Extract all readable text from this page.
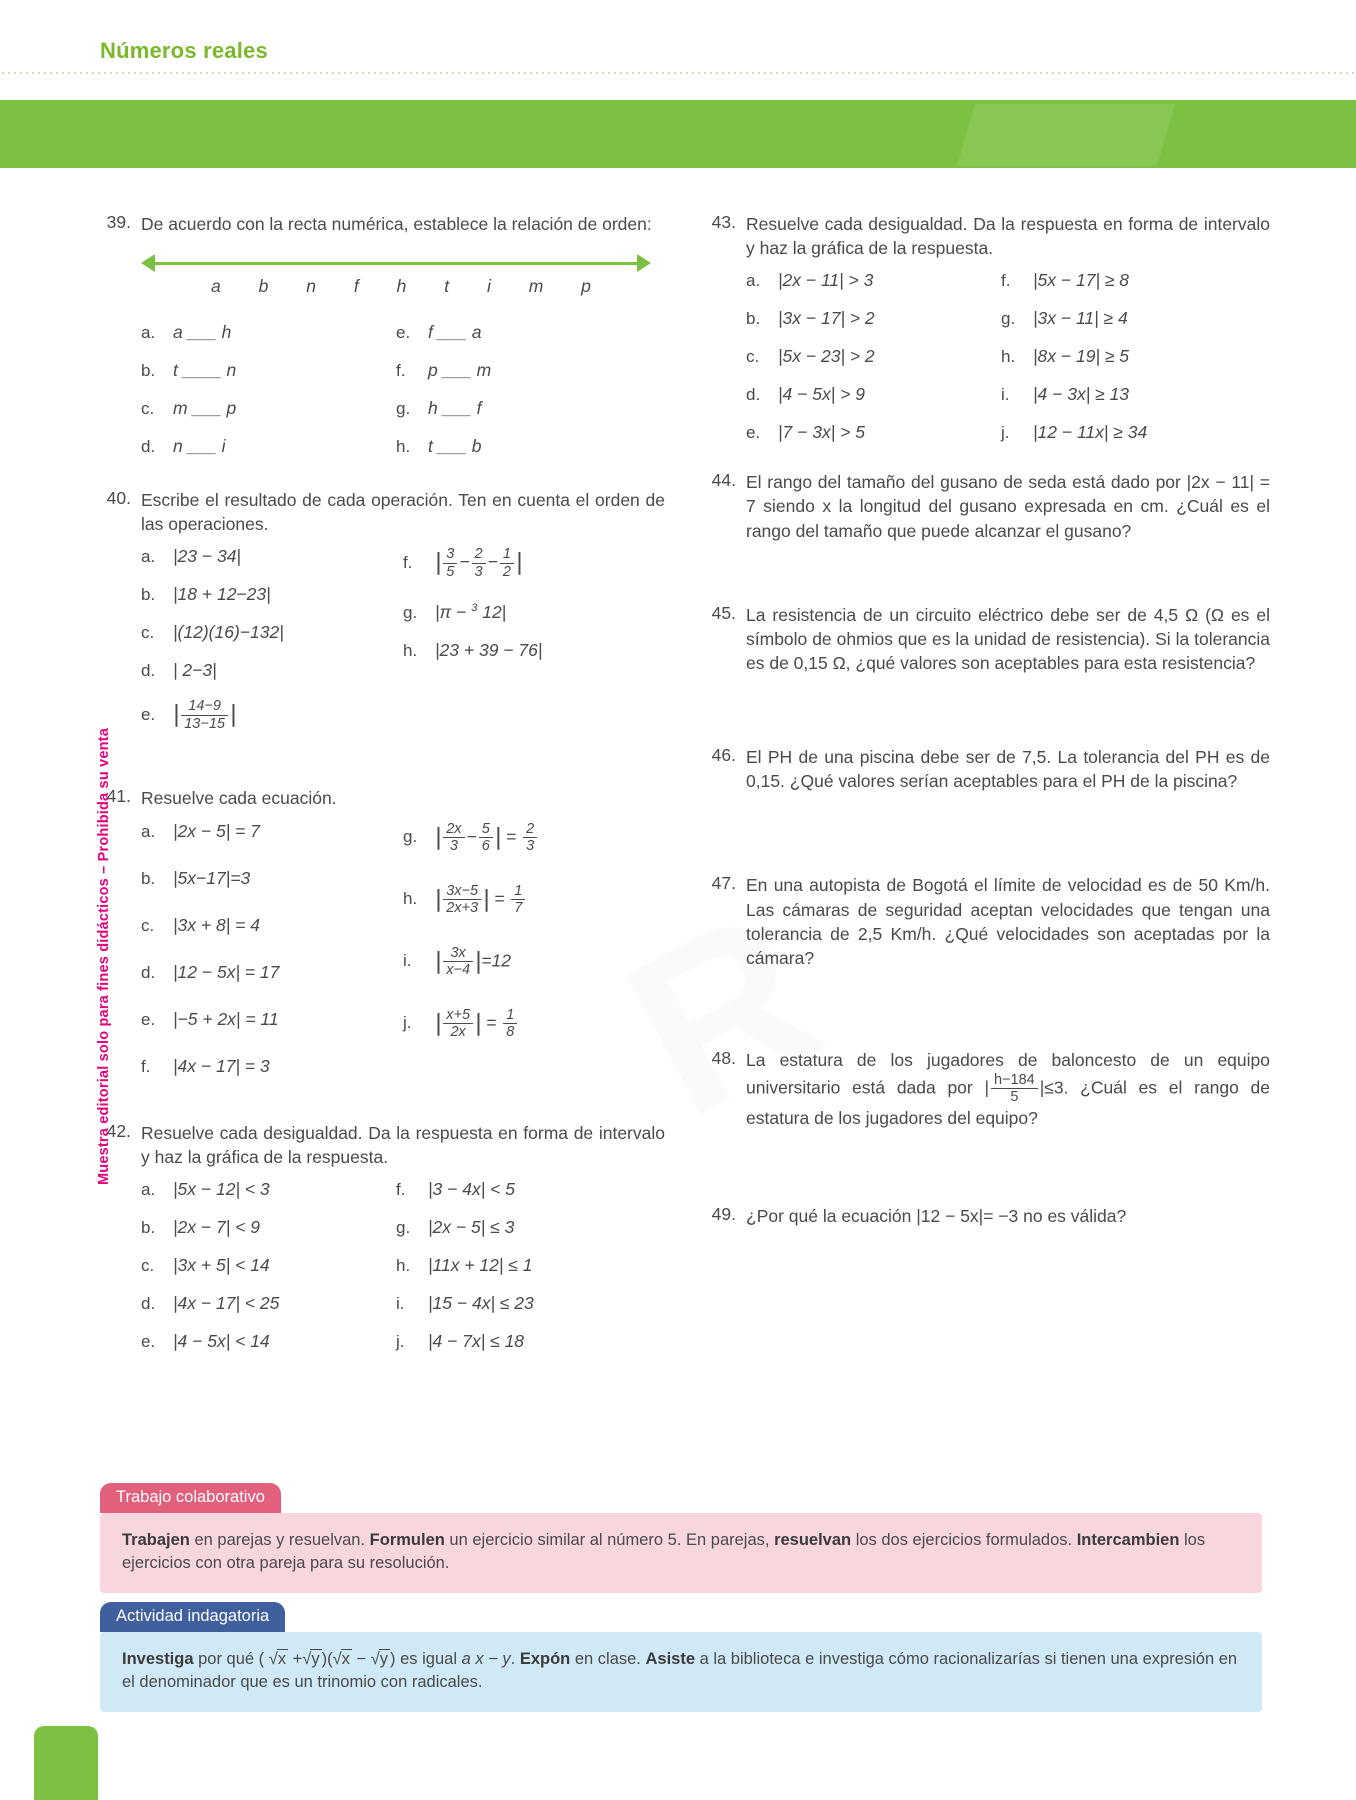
Números reales
Muestra editorial solo para fines didácticos – Prohibida su venta
54
39. De acuerdo con la recta numérica, establece la relación de orden:
a b n f h t i m p
a.	a ___ h	e.	f ___ a
b.	t ____ n	f.	p ___ m
c.	m ___ p	g.	h ___ f
d.	n ___ i	h.	t ___ b
40. Escribe el resultado de cada operación. Ten en cuenta el orden de las operaciones.
a.	|23 − 34|
b.	|18 + 12−23|
c.	|(12)(16)−132|
d.	| 2−3|
e. | $\frac{14-9}{13-15}$ |
f. | $\frac{3}{5} - \frac{2}{3} - \frac{1}{2}$ |
g.	|π − $^3$ 12|
h.	|23 + 39 − 76|
41. Resuelve cada ecuación.
a.	|2x − 5| = 7
b.	|5x−17|=3
c.	|3x + 8| = 4
d.	|12 − 5x| = 17
e.	|−5 + 2x| = 11
f.	|4x − 17| = 3
g. | $\frac{2x}{3} - \frac{5}{6}$ | = $\frac{2}{3}$
h. | $\frac{3x-5}{2x+3}$ | = $\frac{1}{7}$
i. | $\frac{3x}{x-4} |=12$
j. | $\frac{x+5}{2x}$ | = $\frac{1}{8}$
42. Resuelve cada desigualdad. Da la respuesta en forma de intervalo y haz la gráfica de la respuesta.
a.	|5x − 12| < 3	f.	|3 − 4x| < 5
b.	|2x − 7| < 9	g.	|2x − 5| ≤ 3
c.	|3x + 5| < 14	h.	|11x + 12| ≤ 1
d.	|4x − 17| < 25	i.	|15 − 4x| ≤ 23
e.	|4 − 5x| < 14	j.	|4 − 7x| ≤ 18
43. Resuelve cada desigualdad. Da la respuesta en forma de intervalo y haz la gráfica de la respuesta.
a.	|2x − 11| > 3	f.	|5x − 17| ≥ 8
b.	|3x − 17| > 2	g.	|3x − 11| ≥ 4
c.	|5x − 23| > 2	h.	|8x − 19| ≥ 5
d.	|4 − 5x| > 9	i.	|4 − 3x| ≥ 13
e.	|7 − 3x| > 5	j.	|12 − 11x| ≥ 34
44. El rango del tamaño del gusano de seda está dado por |2x − 11| = 7 siendo x la longitud del gusano expresada en cm. ¿Cuál es el rango del tamaño que puede alcanzar el gusano?
45. La resistencia de un circuito eléctrico debe ser de 4,5 Ω (Ω es el símbolo de ohmios que es la unidad de resistencia). Si la tolerancia es de 0,15 Ω, ¿qué valores son aceptables para esta resistencia?
46. El PH de una piscina debe ser de 7,5. La tolerancia del PH es de 0,15. ¿Qué valores serían aceptables para el PH de la piscina?
47. En una autopista de Bogotá el límite de velocidad es de 50 Km/h. Las cámaras de seguridad aceptan velocidades que tengan una tolerancia de 2,5 Km/h. ¿Qué velocidades son aceptadas por la cámara?
48. La estatura de los jugadores de baloncesto de un equipo universitario está dada por | $\frac{h-184}{5} |\le 3$. ¿Cuál es el rango de estatura de los jugadores del equipo?
49. ¿Por qué la ecuación |12 − 5x|= −3 no es válida?
Trabajo colaborativo
Trabajen en parejas y resuelvan. Formulen un ejercicio similar al número 5. En parejas, resuelvan los dos ejercicios formulados. Intercambien los ejercicios con otra pareja para su resolución.
Actividad indagatoria
Investiga por qué ( √x +√y )(√x − √y ) es igual a x − y. Expón en clase. Asiste a la biblioteca e investiga cómo racionalizarías si tienen una expresión en el denominador que es un trinomio con radicales.
